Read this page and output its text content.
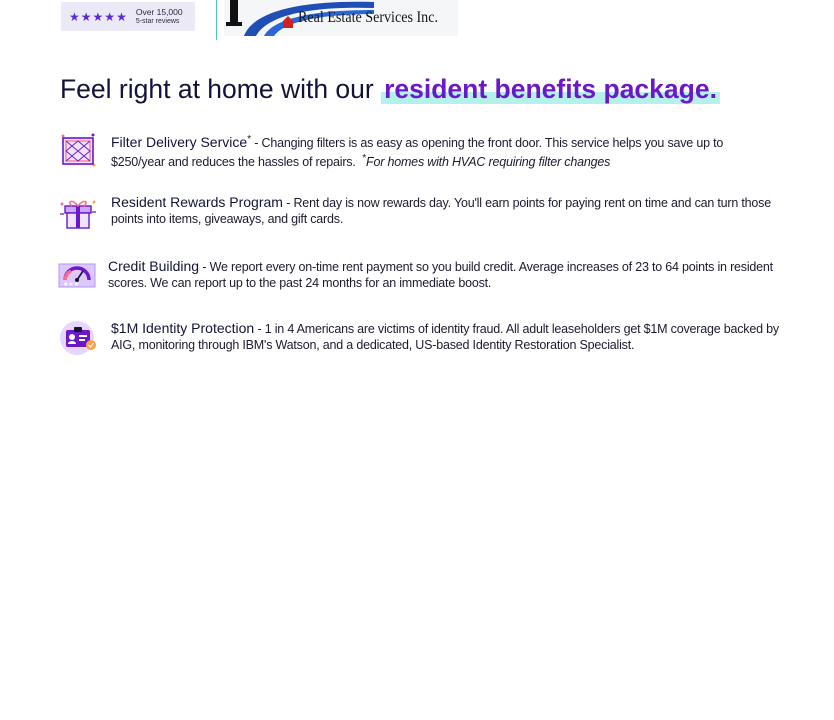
★ ★ ★ ★ ★ Over 15,000
5-star reviews	Real Estate Services Inc.
Feel right at home with our resident benefits package.
Filter Delivery Service* - Changing filters is as easy as opening the front door. This service helps you save up to $250/year and reduces the hassles of repairs. *For homes with HVAC requiring filter changes
Resident Rewards Program - Rent day is now rewards day. You'll earn points for paying rent on time and can turn those points into items, giveaways, and gift cards.
★★★
Credit Building - We report every on-time rent payment so you build credit. Average increases of 23 to 64 points in resident scores. We can report up to the past 24 months for an immediate boost.
$1M Identity Protection - 1 in 4 Americans are victims of identity fraud. All adult leaseholders get $1M coverage backed by AIG, monitoring through IBM's Watson, and a dedicated, US-based Identity Restoration Specialist.
